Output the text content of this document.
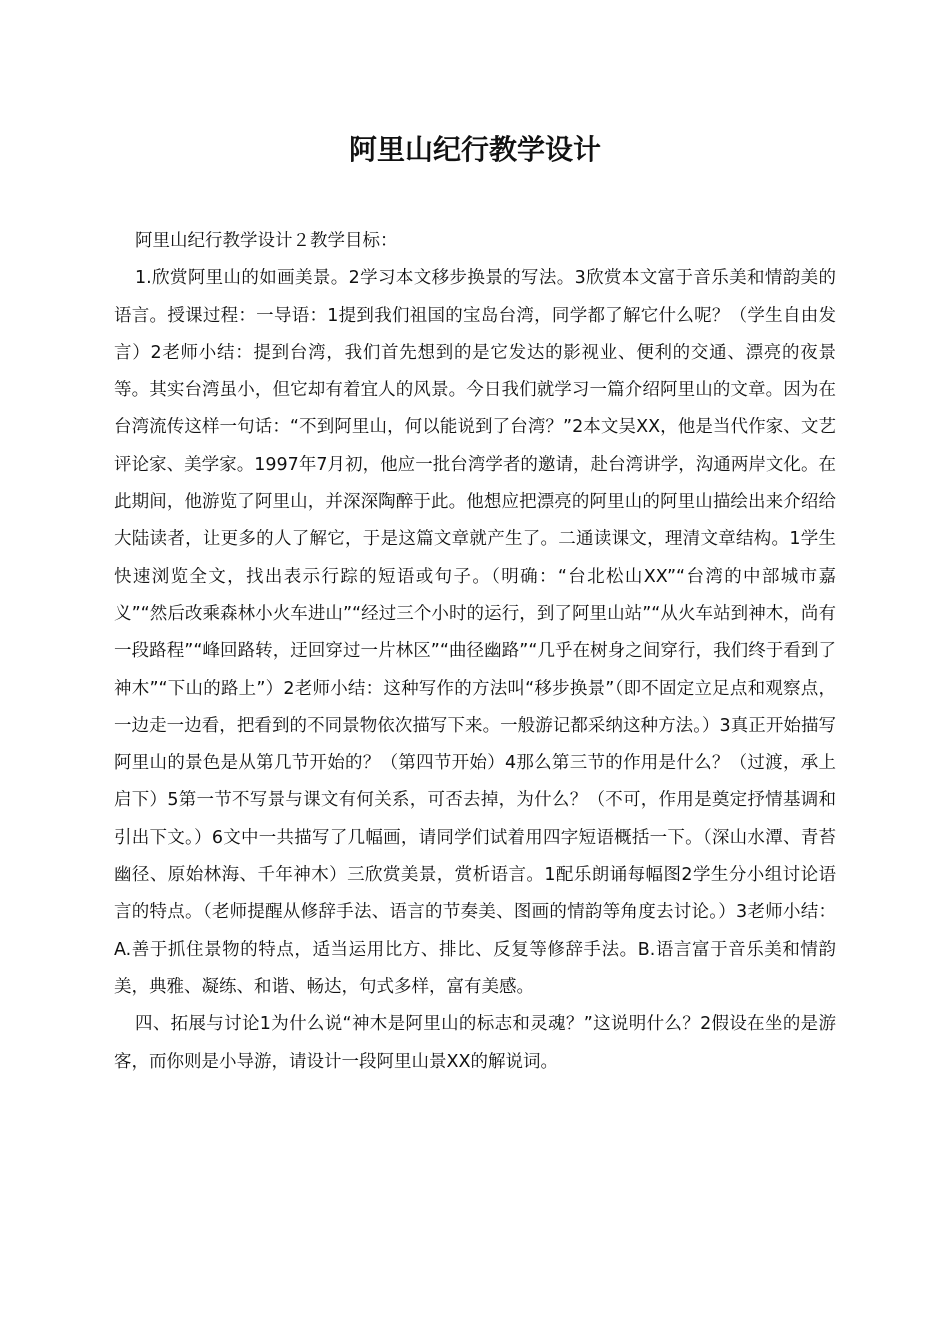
阿里山纪行教学设计

阿里山纪行教学设计２教学目标：

1.欣赏阿里山的如画美景。2学习本文移步换景的写法。3欣赏本文富于音乐美和情韵美的语言。授课过程：一导语：1提到我们祖国的宝岛台湾，同学都了解它什么呢？（学生自由发言）2老师小结：提到台湾，我们首先想到的是它发达的影视业、便利的交通、漂亮的夜景等。其实台湾虽小，但它却有着宜人的风景。今日我们就学习一篇介绍阿里山的文章。因为在台湾流传这样一句话：“不到阿里山，何以能说到了台湾？”2本文吴XX，他是当代作家、文艺评论家、美学家。1997年7月初，他应一批台湾学者的邀请，赴台湾讲学，沟通两岸文化。在此期间，他游览了阿里山，并深深陶醉于此。他想应把漂亮的阿里山的阿里山描绘出来介绍给大陆读者，让更多的人了解它，于是这篇文章就产生了。二通读课文，理清文章结构。1学生快速浏览全文，找出表示行踪的短语或句子。（明确：“台北松山XX”“台湾的中部城市嘉义”“然后改乘森林小火车进山”“经过三个小时的运行，到了阿里山站”“从火车站到神木，尚有一段路程”“峰回路转，迂回穿过一片林区”“曲径幽路”“几乎在树身之间穿行，我们终于看到了神木”“下山的路上”）2老师小结：这种写作的方法叫“移步换景”（即不固定立足点和观察点，一边走一边看，把看到的不同景物依次描写下来。一般游记都采纳这种方法。）3真正开始描写阿里山的景色是从第几节开始的？（第四节开始）4那么第三节的作用是什么？（过渡，承上启下）5第一节不写景与课文有何关系，可否去掉，为什么？（不可，作用是奠定抒情基调和引出下文。）6文中一共描写了几幅画，请同学们试着用四字短语概括一下。（深山水潭、青苔幽径、原始林海、千年神木）三欣赏美景，赏析语言。1配乐朗诵每幅图2学生分小组讨论语言的特点。（老师提醒从修辞手法、语言的节奏美、图画的情韵等角度去讨论。）3老师小结：A.善于抓住景物的特点，适当运用比方、排比、反复等修辞手法。B.语言富于音乐美和情韵美，典雅、凝练、和谐、畅达，句式多样，富有美感。

四、拓展与讨论1为什么说“神木是阿里山的标志和灵魂？”这说明什么？2假设在坐的是游客，而你则是小导游，请设计一段阿里山景XX的解说词。
